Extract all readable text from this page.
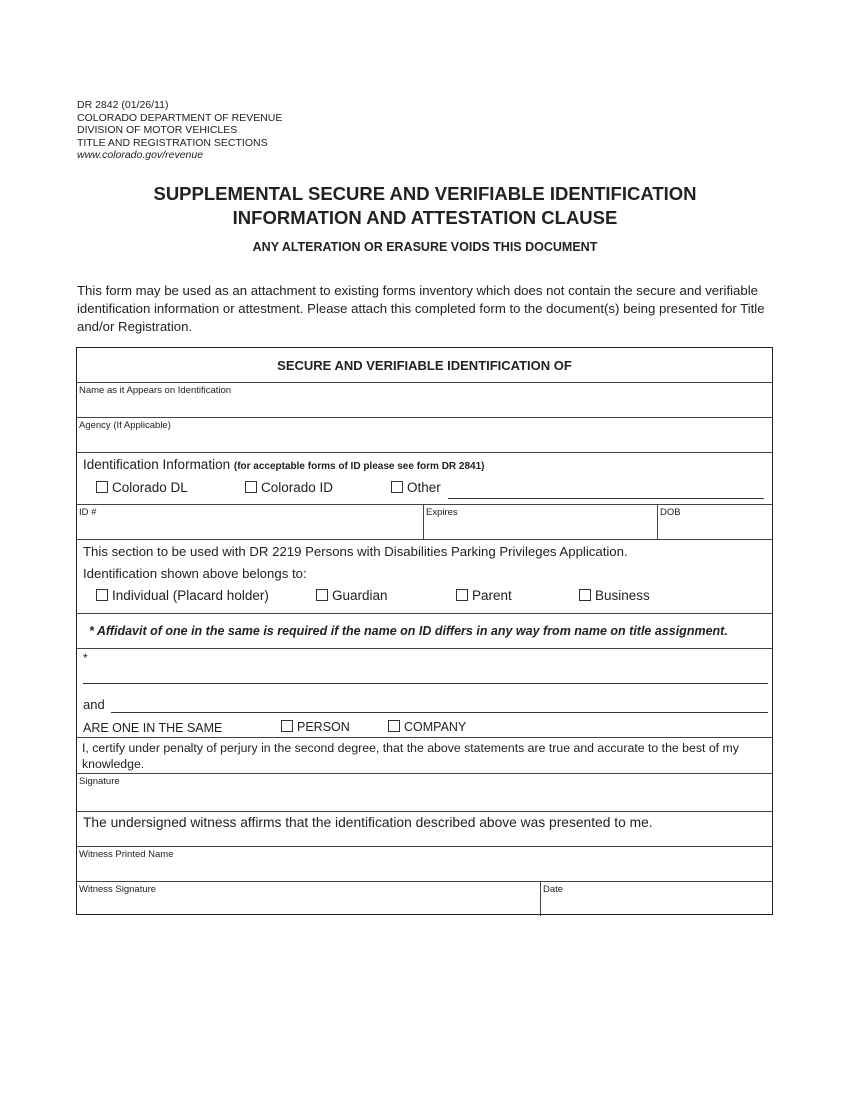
DR 2842 (01/26/11)
COLORADO DEPARTMENT OF REVENUE
DIVISION OF MOTOR VEHICLES
TITLE AND REGISTRATION SECTIONS
www.colorado.gov/revenue
SUPPLEMENTAL SECURE AND VERIFIABLE IDENTIFICATION
INFORMATION AND ATTESTATION CLAUSE
ANY ALTERATION OR ERASURE VOIDS THIS DOCUMENT
This form may be used as an attachment to existing forms inventory which does not contain the secure and verifiable identification information or attestment. Please attach this completed form to the document(s) being presented for Title and/or Registration.
SECURE AND VERIFIABLE IDENTIFICATION OF
Name as it Appears on Identification
Agency (If Applicable)
Identification Information (for acceptable forms of ID please see form DR 2841)
Colorado DL	Colorado ID	Other
ID #	Expires	DOB
This section to be used with DR 2219 Persons with Disabilities Parking Privileges Application.
Identification shown above belongs to:
Individual (Placard holder)	Guardian	Parent	Business
* Affidavit of one in the same is required if the name on ID differs in any way from name on title assignment.
*
and
ARE ONE IN THE SAME	PERSON	COMPANY
I, certify under penalty of perjury in the second degree, that the above statements are true and accurate to the best of my knowledge.
Signature
The undersigned witness affirms that the identification described above was presented to me.
Witness Printed Name
Witness Signature	Date
